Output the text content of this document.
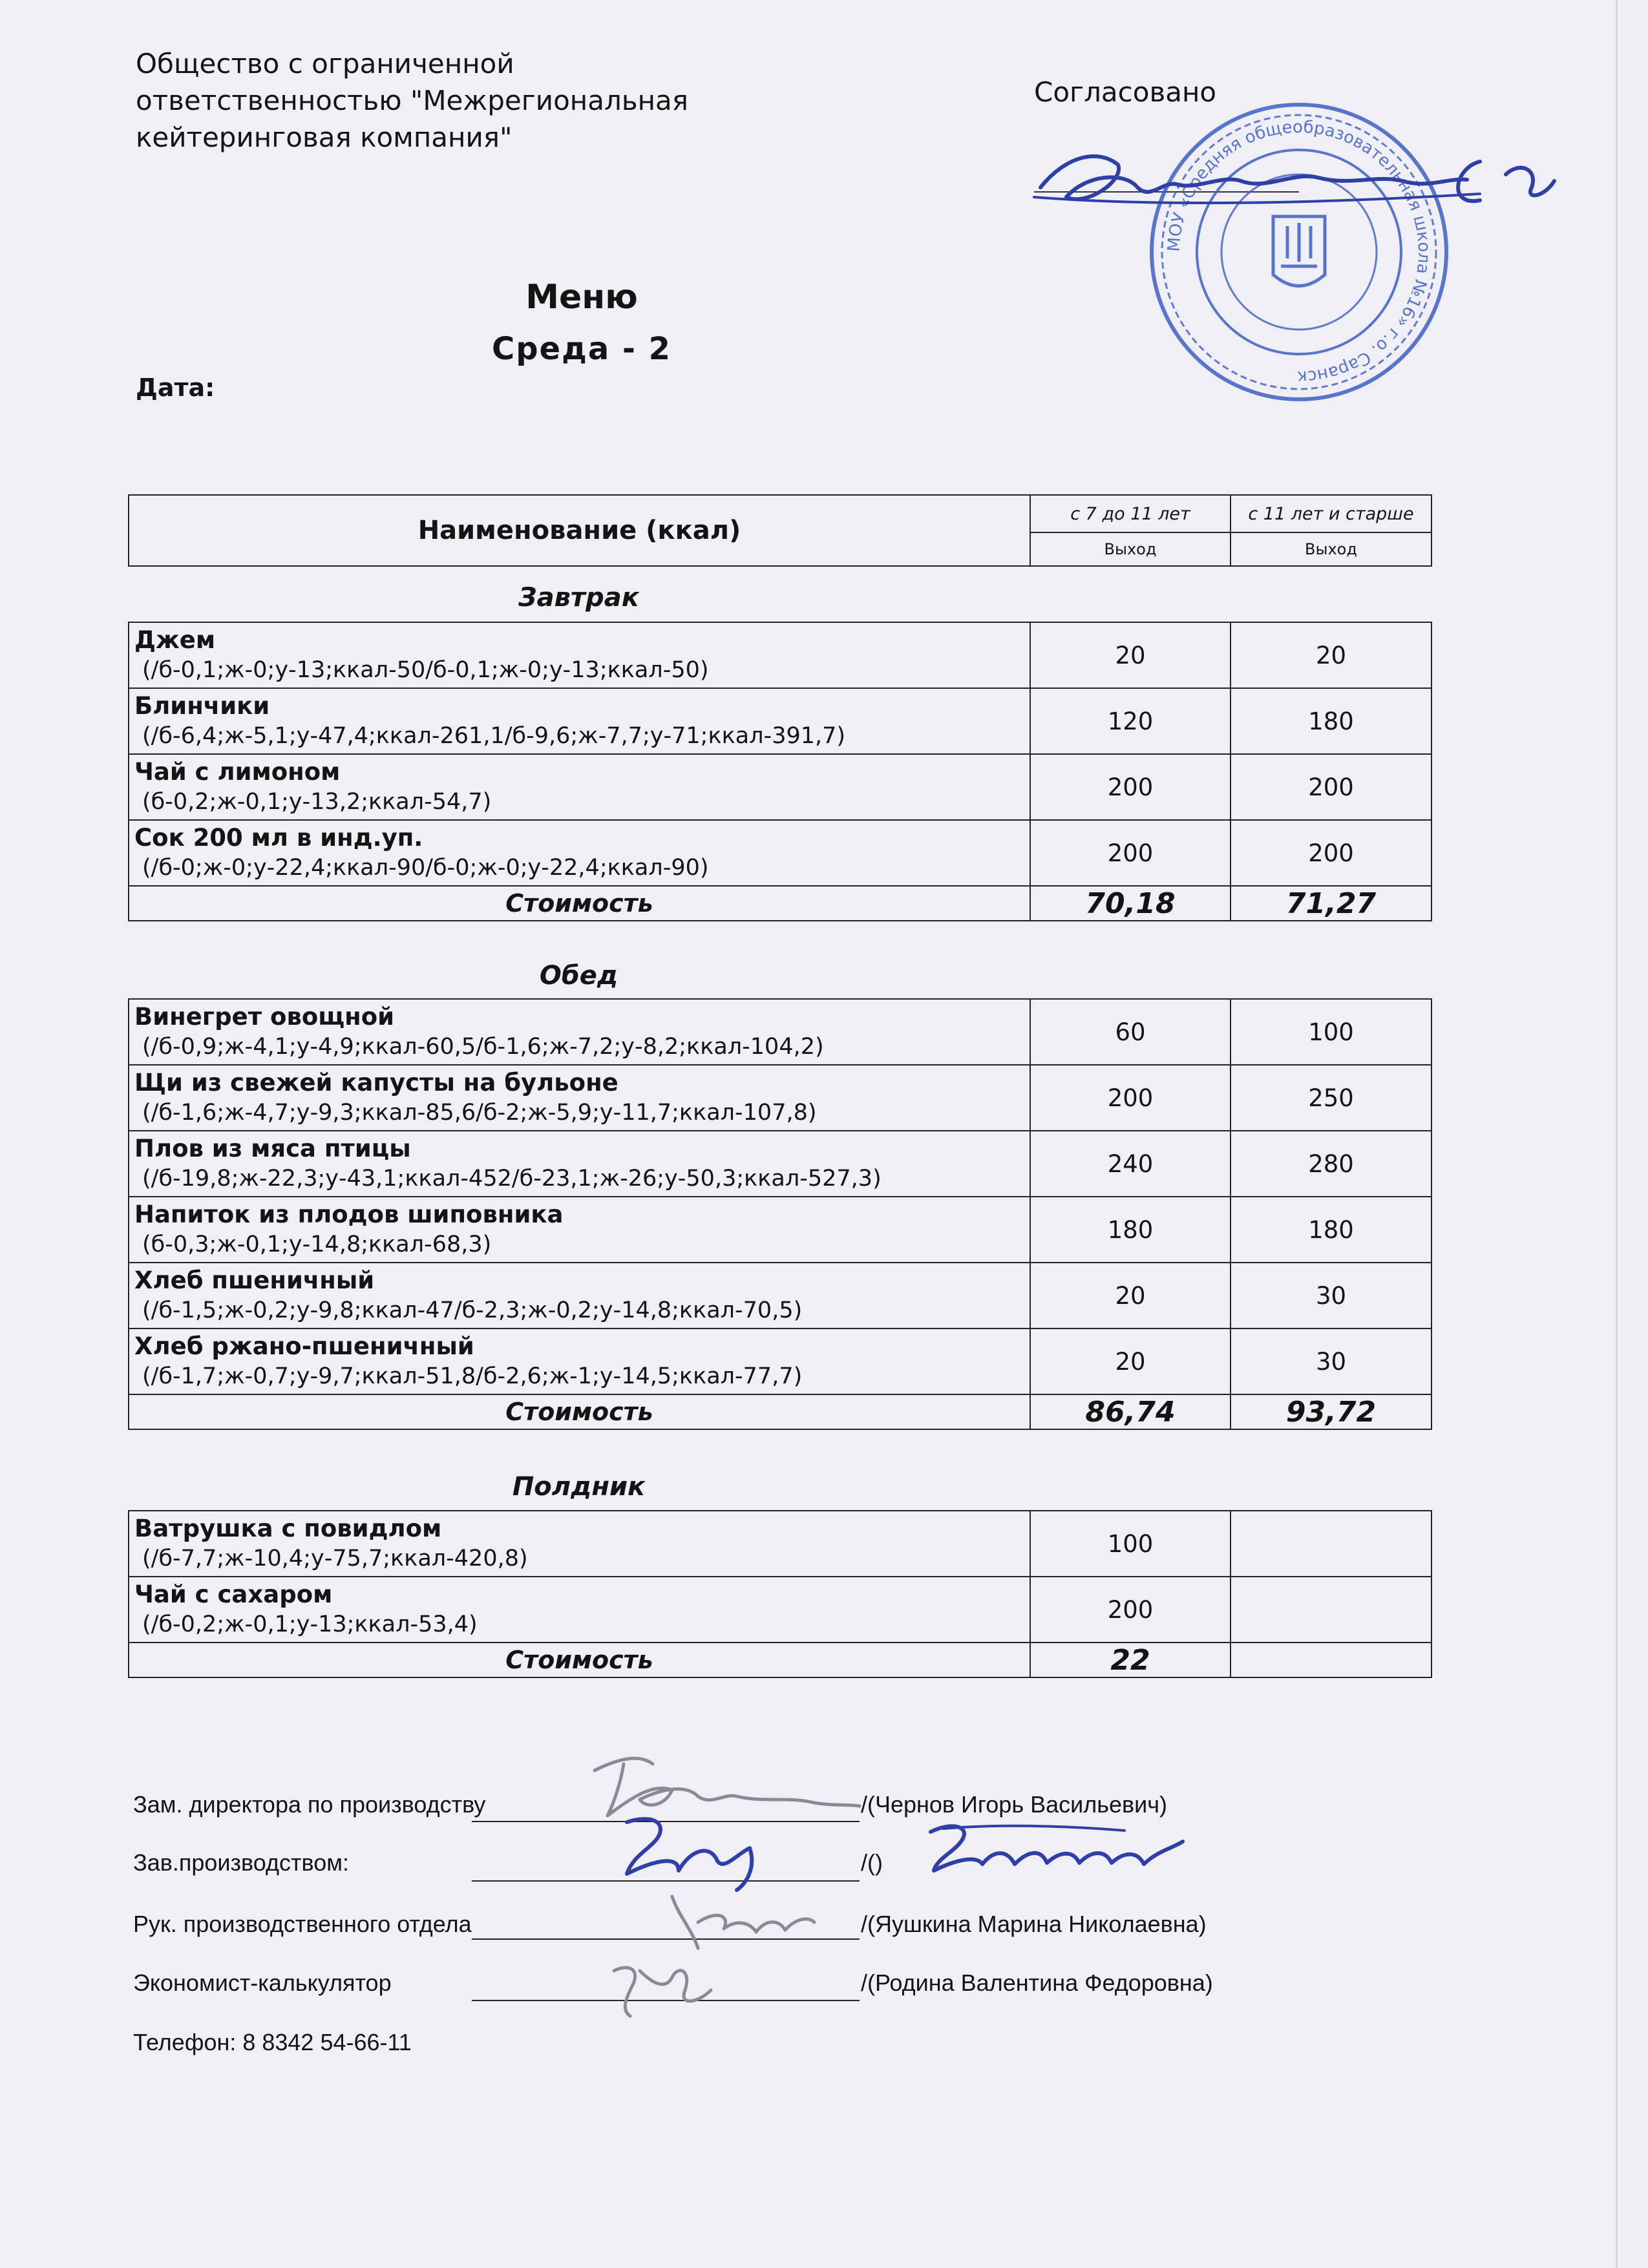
Общество с ограниченной
ответственностью "Межрегиональная
кейтеринговая компания"
Согласовано
МОУ «Средняя общеобразовательная школа №16» г.о. Саранск
Меню
Среда - 2
Дата:
Наименование (ккал)	с 7 до 11 лет	с 11 лет и старше
	Выход	Выход
Завтрак
Джем
(/б-0,1;ж-0;у-13;ккал-50/б-0,1;ж-0;у-13;ккал-50)	20	20

Блинчики
(/б-6,4;ж-5,1;у-47,4;ккал-261,1/б-9,6;ж-7,7;у-71;ккал-391,7)	120	180

Чай с лимоном
(б-0,2;ж-0,1;у-13,2;ккал-54,7)	200	200

Сок 200 мл в инд.уп.
(/б-0;ж-0;у-22,4;ккал-90/б-0;ж-0;у-22,4;ккал-90)	200	200
Стоимость	70,18	71,27
Обед
Винегрет овощной
(/б-0,9;ж-4,1;у-4,9;ккал-60,5/б-1,6;ж-7,2;у-8,2;ккал-104,2)	60	100

Щи из свежей капусты на бульоне
(/б-1,6;ж-4,7;у-9,3;ккал-85,6/б-2;ж-5,9;у-11,7;ккал-107,8)	200	250

Плов из мяса птицы
(/б-19,8;ж-22,3;у-43,1;ккал-452/б-23,1;ж-26;у-50,3;ккал-527,3)	240	280

Напиток из плодов шиповника
(б-0,3;ж-0,1;у-14,8;ккал-68,3)	180	180

Хлеб пшеничный
(/б-1,5;ж-0,2;у-9,8;ккал-47/б-2,3;ж-0,2;у-14,8;ккал-70,5)	20	30

Хлеб ржано-пшеничный
(/б-1,7;ж-0,7;у-9,7;ккал-51,8/б-2,6;ж-1;у-14,5;ккал-77,7)	20	30
Стоимость	86,74	93,72
Полдник
Ватрушка с повидлом
(/б-7,7;ж-10,4;у-75,7;ккал-420,8)	100	

Чай с сахаром
(/б-0,2;ж-0,1;у-13;ккал-53,4)	200	
Стоимость	22	
Зам. директора по производству	/(Чернов Игорь Васильевич)
Зав.производством:	/()
Рук. производственного отдела	/(Яушкина Марина Николаевна)
Экономист-калькулятор	/(Родина Валентина Федоровна)
Телефон: 8 8342 54-66-11
